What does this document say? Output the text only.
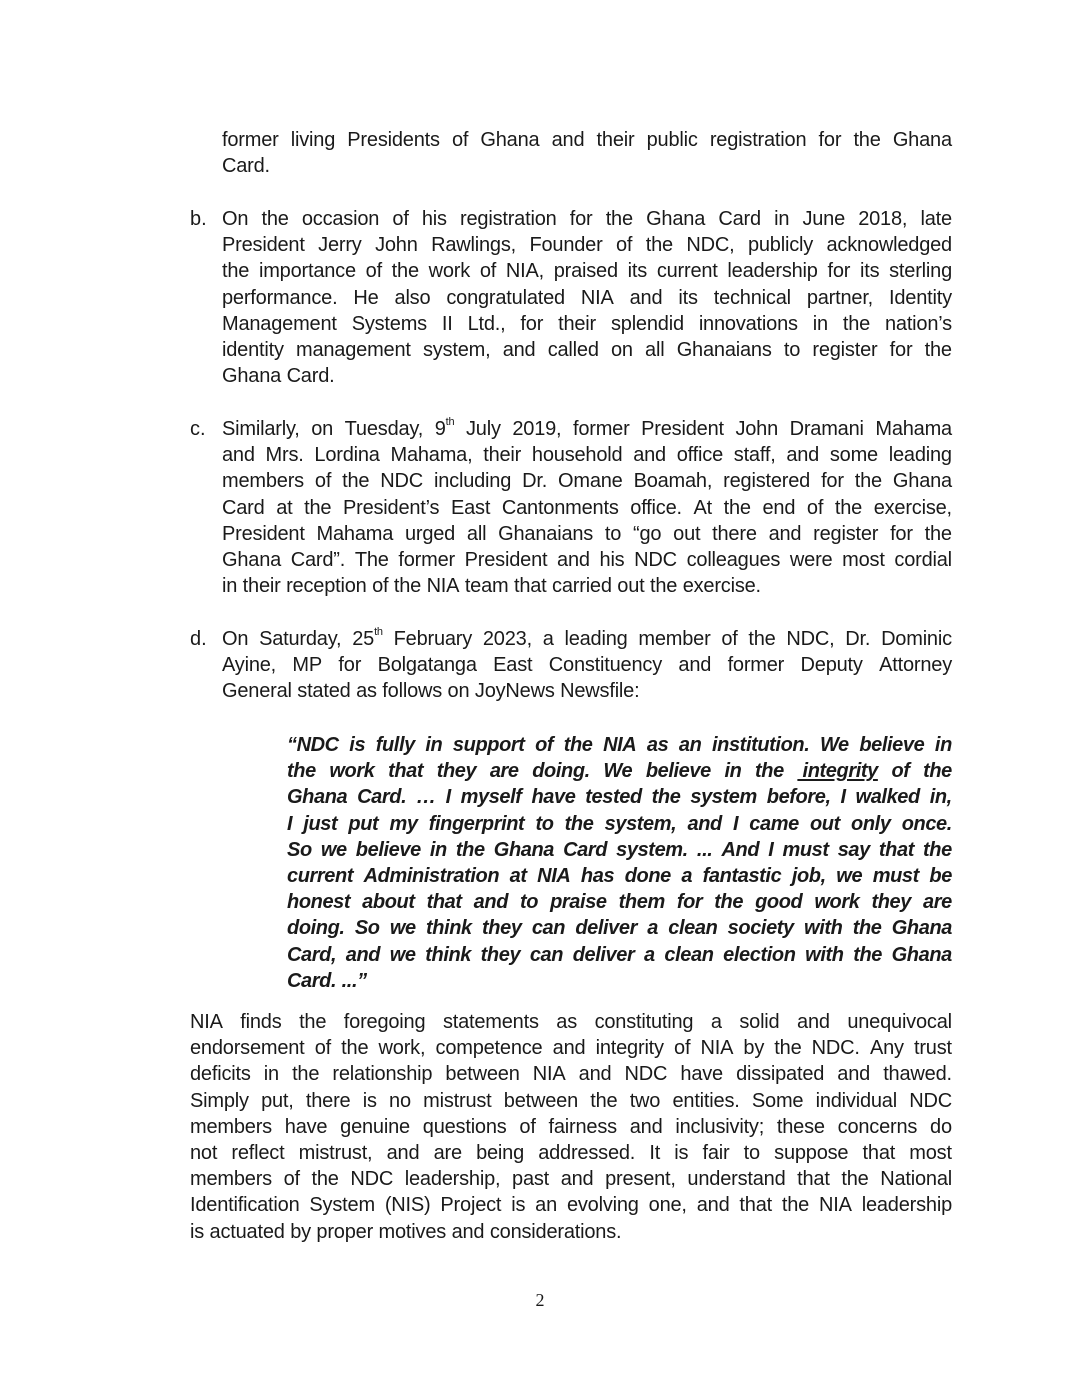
former living Presidents of Ghana and their public registration for the Ghana
Card.
b. On the occasion of his registration for the Ghana Card in June 2018, late
President Jerry John Rawlings, Founder of the NDC, publicly acknowledged
the importance of the work of NIA, praised its current leadership for its sterling
performance. He also congratulated NIA and its technical partner, Identity
Management Systems II Ltd., for their splendid innovations in the nation’s
identity management system, and called on all Ghanaians to register for the
Ghana Card.
c. Similarly, on Tuesday, 9th July 2019, former President John Dramani Mahama
and Mrs. Lordina Mahama, their household and office staff, and some leading
members of the NDC including Dr. Omane Boamah, registered for the Ghana
Card at the President’s East Cantonments office. At the end of the exercise,
President Mahama urged all Ghanaians to “go out there and register for the
Ghana Card”. The former President and his NDC colleagues were most cordial
in their reception of the NIA team that carried out the exercise.
d. On Saturday, 25th February 2023, a leading member of the NDC, Dr. Dominic
Ayine, MP for Bolgatanga East Constituency and former Deputy Attorney
General stated as follows on JoyNews Newsfile:
“NDC is fully in support of the NIA as an institution. We believe in
the work that they are doing. We believe in the integrity of the
Ghana Card. … I myself have tested the system before, I walked in,
I just put my fingerprint to the system, and I came out only once.
So we believe in the Ghana Card system. ... And I must say that the
current Administration at NIA has done a fantastic job, we must be
honest about that and to praise them for the good work they are
doing. So we think they can deliver a clean society with the Ghana
Card, and we think they can deliver a clean election with the Ghana
Card. ...”
NIA finds the foregoing statements as constituting a solid and unequivocal
endorsement of the work, competence and integrity of NIA by the NDC. Any trust
deficits in the relationship between NIA and NDC have dissipated and thawed.
Simply put, there is no mistrust between the two entities. Some individual NDC
members have genuine questions of fairness and inclusivity; these concerns do
not reflect mistrust, and are being addressed. It is fair to suppose that most
members of the NDC leadership, past and present, understand that the National
Identification System (NIS) Project is an evolving one, and that the NIA leadership
is actuated by proper motives and considerations.
2
